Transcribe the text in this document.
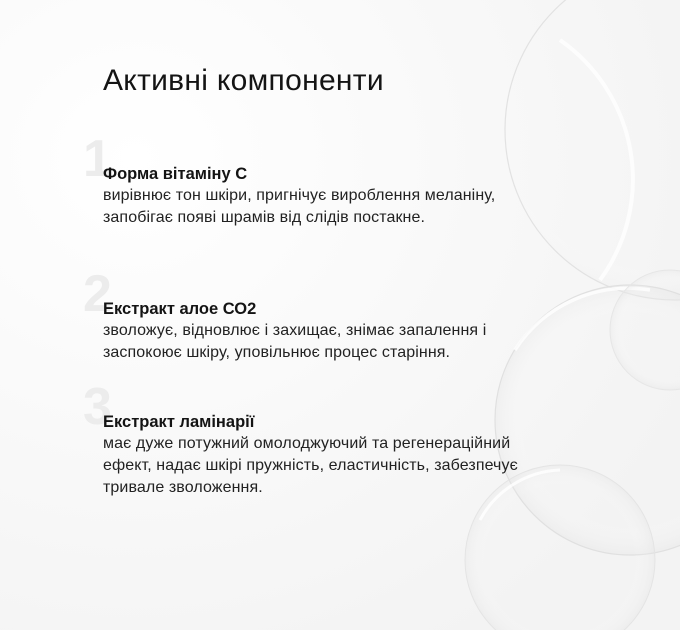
Активні компоненти
1

Форма вітаміну С

вирівнює тон шкіри, пригнічує вироблення меланіну, запобігає появі шрамів від слідів постакне.

2

Екстракт алое СО2

зволожує, відновлює і захищає, знімає запалення і заспокоює шкіру, уповільнює процес старіння.

3

Екстракт ламінарії

має дуже потужний омолоджуючий та регенераційний ефект, надає шкірі пружність, еластичність, забезпечує тривале зволоження.
